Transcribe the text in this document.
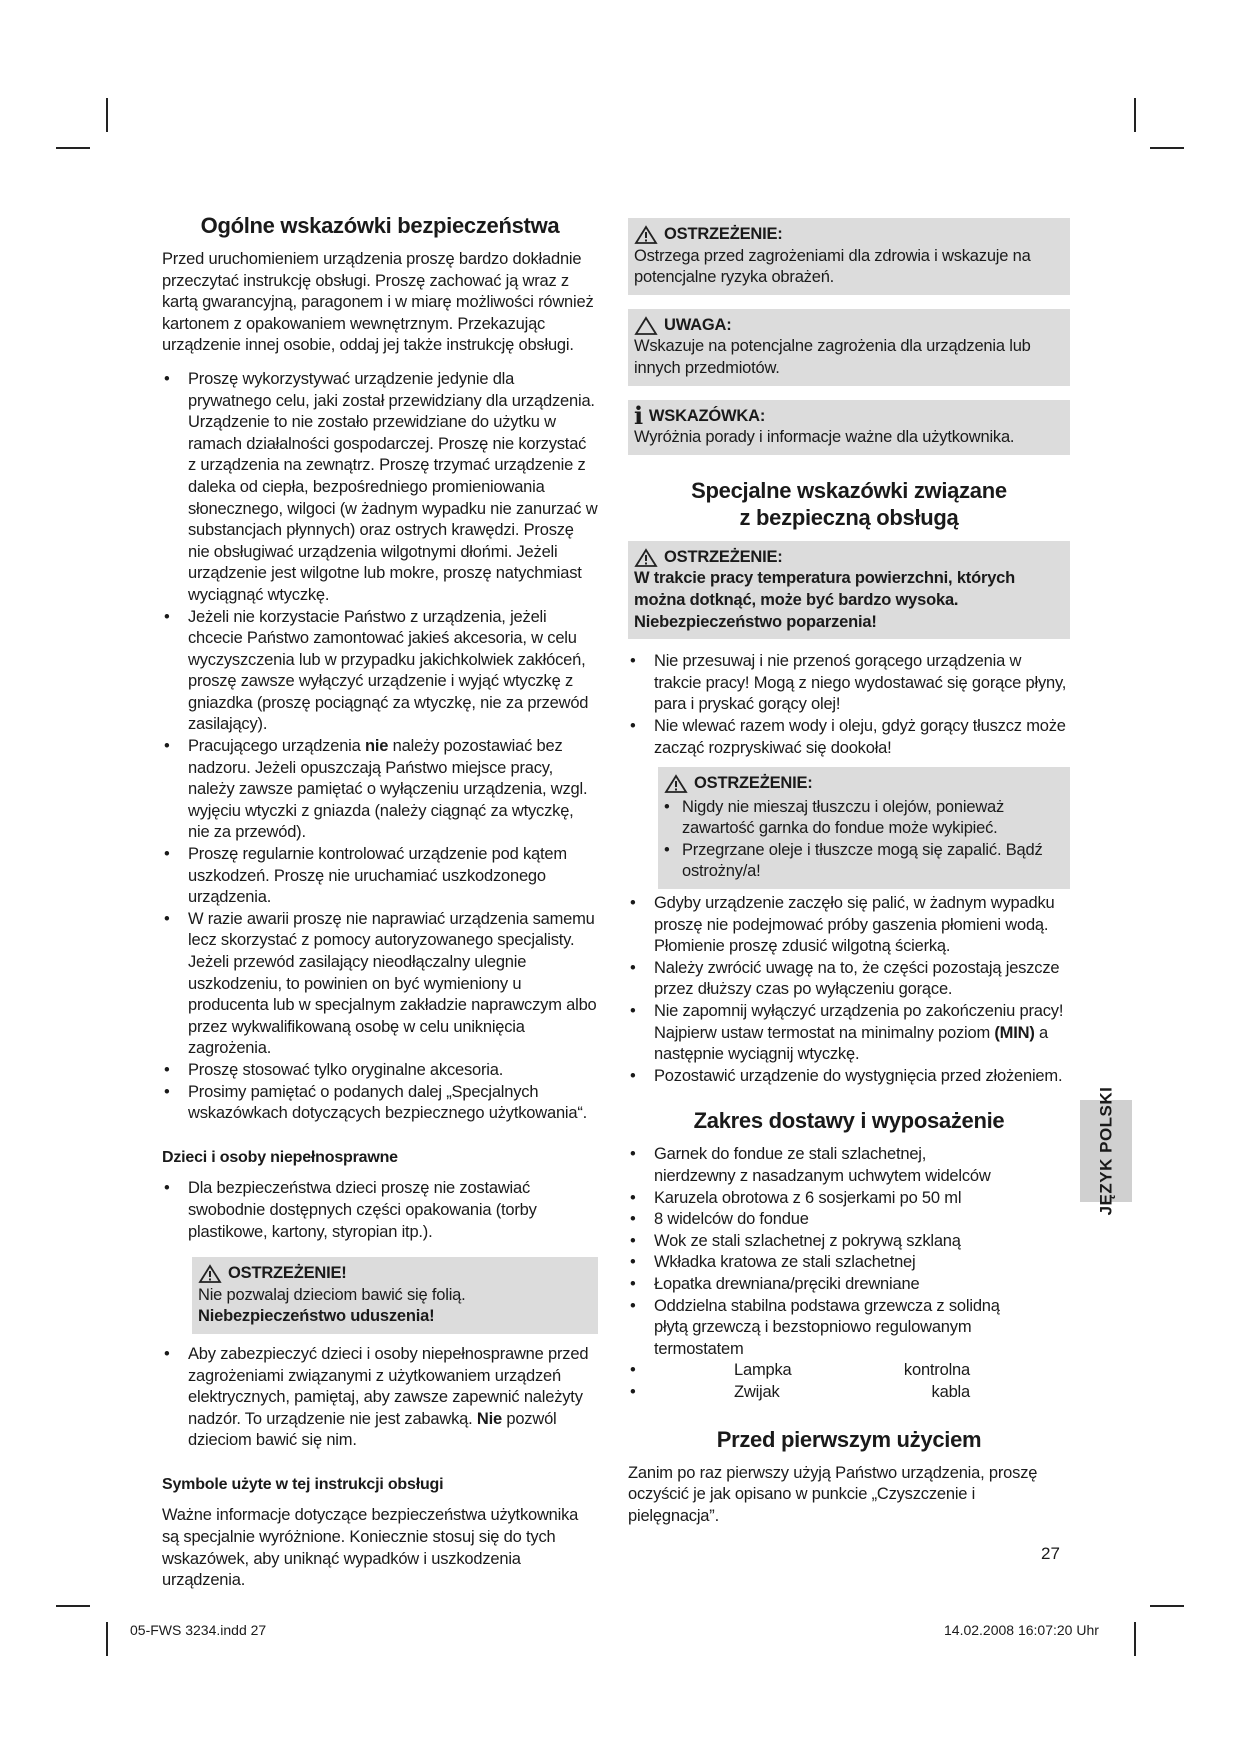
Ogólne wskazówki bezpieczeństwa

Przed uruchomieniem urządzenia proszę bardzo dokładnie przeczytać instrukcję obsługi. Proszę zachować ją wraz z kartą gwarancyjną, paragonem i w miarę możliwości również kartonem z opakowaniem wewnętrznym. Przekazując urządzenie innej osobie, oddaj jej także instrukcję obsługi.

• Proszę wykorzystywać urządzenie jedynie dla prywatnego celu, jaki został przewidziany dla urządzenia. Urządzenie to nie zostało przewidziane do użytku w ramach działalności gospodarczej. Proszę nie korzystać z urządzenia na zewnątrz. Proszę trzymać urządzenie z daleka od ciepła, bezpośredniego promieniowania słonecznego, wilgoci (w żadnym wypadku nie zanurzać w substancjach płynnych) oraz ostrych krawędzi. Proszę nie obsługiwać urządzenia wilgotnymi dłońmi. Jeżeli urządzenie jest wilgotne lub mokre, proszę natychmiast wyciągnąć wtyczkę.
• Jeżeli nie korzystacie Państwo z urządzenia, jeżeli chcecie Państwo zamontować jakieś akcesoria, w celu wyczyszczenia lub w przypadku jakichkolwiek zakłóceń, proszę zawsze wyłączyć urządzenie i wyjąć wtyczkę z gniazdka (proszę pociągnąć za wtyczkę, nie za przewód zasilający).
• Pracującego urządzenia nie należy pozostawiać bez nadzoru. Jeżeli opuszczają Państwo miejsce pracy, należy zawsze pamiętać o wyłączeniu urządzenia, wzgl. wyjęciu wtyczki z gniazda (należy ciągnąć za wtyczkę, nie za przewód).
• Proszę regularnie kontrolować urządzenie pod kątem uszkodzeń. Proszę nie uruchamiać uszkodzonego urządzenia.
• W razie awarii proszę nie naprawiać urządzenia samemu lecz skorzystać z pomocy autoryzowanego specjalisty. Jeżeli przewód zasilający nieodłączalny ulegnie uszkodzeniu, to powinien on być wymieniony u producenta lub w specjalnym zakładzie naprawczym albo przez wykwalifikowaną osobę w celu uniknięcia zagrożenia.
• Proszę stosować tylko oryginalne akcesoria.
• Prosimy pamiętać o podanych dalej „Specjalnych wskazówkach dotyczących bezpiecznego użytkowania“.
Dzieci i osoby niepełnosprawne
• Dla bezpieczeństwa dzieci proszę nie zostawiać swobodnie dostępnych części opakowania (torby plastikowe, kartony, styropian itp.).
OSTRZEŻENIE!
Nie pozwalaj dzieciom bawić się folią.
Niebezpieczeństwo uduszenia!
• Aby zabezpieczyć dzieci i osoby niepełnosprawne przed zagrożeniami związanymi z użytkowaniem urządzeń elektrycznych, pamiętaj, aby zawsze zapewnić należyty nadzór. To urządzenie nie jest zabawką. Nie pozwól dzieciom bawić się nim.
Symbole użyte w tej instrukcji obsługi

Ważne informacje dotyczące bezpieczeństwa użytkownika są specjalnie wyróżnione. Koniecznie stosuj się do tych wskazówek, aby uniknąć wypadków i uszkodzenia urządzenia.

OSTRZEŻENIE:
Ostrzega przed zagrożeniami dla zdrowia i wskazuje na potencjalne ryzyka obrażeń.
UWAGA:
Wskazuje na potencjalne zagrożenia dla urządzenia lub innych przedmiotów.
i WSKAZÓWKA:
Wyróżnia porady i informacje ważne dla użytkownika.
Specjalne wskazówki związane
z bezpieczną obsługą
OSTRZEŻENIE:
W trakcie pracy temperatura powierzchni, których można dotknąć, może być bardzo wysoka. Niebezpieczeństwo poparzenia!
• Nie przesuwaj i nie przenoś gorącego urządzenia w trakcie pracy! Mogą z niego wydostawać się gorące płyny, para i pryskać gorący olej!
• Nie wlewać razem wody i oleju, gdyż gorący tłuszcz może zacząć rozpryskiwać się dookoła!
OSTRZEŻENIE:
• Nigdy nie mieszaj tłuszczu i olejów, ponieważ zawartość garnka do fondue może wykipieć.
• Przegrzane oleje i tłuszcze mogą się zapalić. Bądź ostrożny/a!
• Gdyby urządzenie zaczęło się palić, w żadnym wypadku proszę nie podejmować próby gaszenia płomieni wodą. Płomienie proszę zdusić wilgotną ścierką.
• Należy zwrócić uwagę na to, że części pozostają jeszcze przez dłuższy czas po wyłączeniu gorące.
• Nie zapomnij wyłączyć urządzenia po zakończeniu pracy! Najpierw ustaw termostat na minimalny poziom (MIN) a następnie wyciągnij wtyczkę.
• Pozostawić urządzenie do wystygnięcia przed złożeniem.
Zakres dostawy i wyposażenie
• Garnek do fondue ze stali szlachetnej, nierdzewny z nasadzanym uchwytem widelców
• Karuzela obrotowa z 6 sosjerkami po 50 ml
• 8 widelców do fondue
• Wok ze stali szlachetnej z pokrywą szklaną
• Wkładka kratowa ze stali szlachetnej
• Łopatka drewniana/pręciki drewniane
• Oddzielna stabilna podstawa grzewcza z solidną płytą grzewczą i bezstopniowo regulowanym termostatem
• Lampka	kontrolna
• Zwijak	kabla
Przed pierwszym użyciem

Zanim po raz pierwszy użyją Państwo urządzenia, proszę oczyścić je jak opisano w punkcie „Czyszczenie i pielęgnacja”.

JĘZYK POLSKI
27
05-FWS 3234.indd 27	14.02.2008 16:07:20 Uhr
